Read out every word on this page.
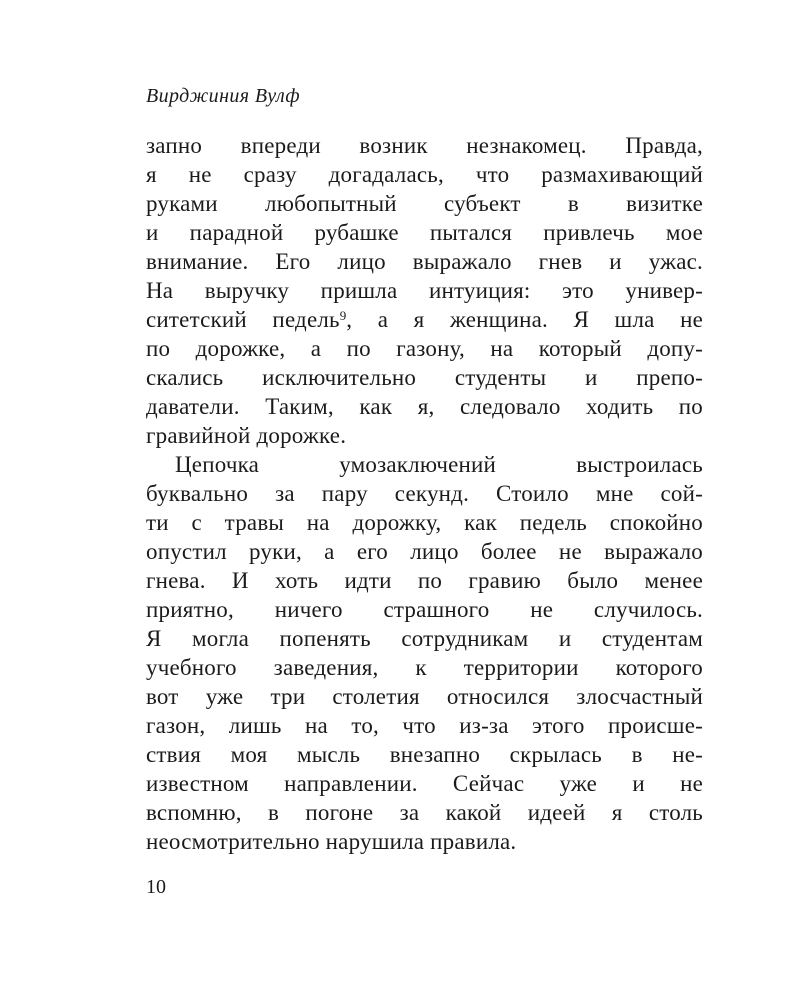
Вирджиния Вулф
запно впереди возник незнакомец. Правда,
я не сразу догадалась, что размахивающий
руками любопытный субъект в визитке
и парадной рубашке пытался привлечь мое
внимание. Его лицо выражало гнев и ужас.
На выручку пришла интуиция: это универ-
ситетский педель$^9$, а я женщина. Я шла не
по дорожке, а по газону, на который допу-
скались исключительно студенты и препо-
даватели. Таким, как я, следовало ходить по
гравийной дорожке.
Цепочка умозаключений выстроилась
буквально за пару секунд. Стоило мне сой-
ти с травы на дорожку, как педель спокойно
опустил руки, а его лицо более не выражало
гнева. И хоть идти по гравию было менее
приятно, ничего страшного не случилось.
Я могла попенять сотрудникам и студентам
учебного заведения, к территории которого
вот уже три столетия относился злосчастный
газон, лишь на то, что из-за этого происше-
ствия моя мысль внезапно скрылась в не-
известном направлении. Сейчас уже и не
вспомню, в погоне за какой идеей я столь
неосмотрительно нарушила правила.
10
